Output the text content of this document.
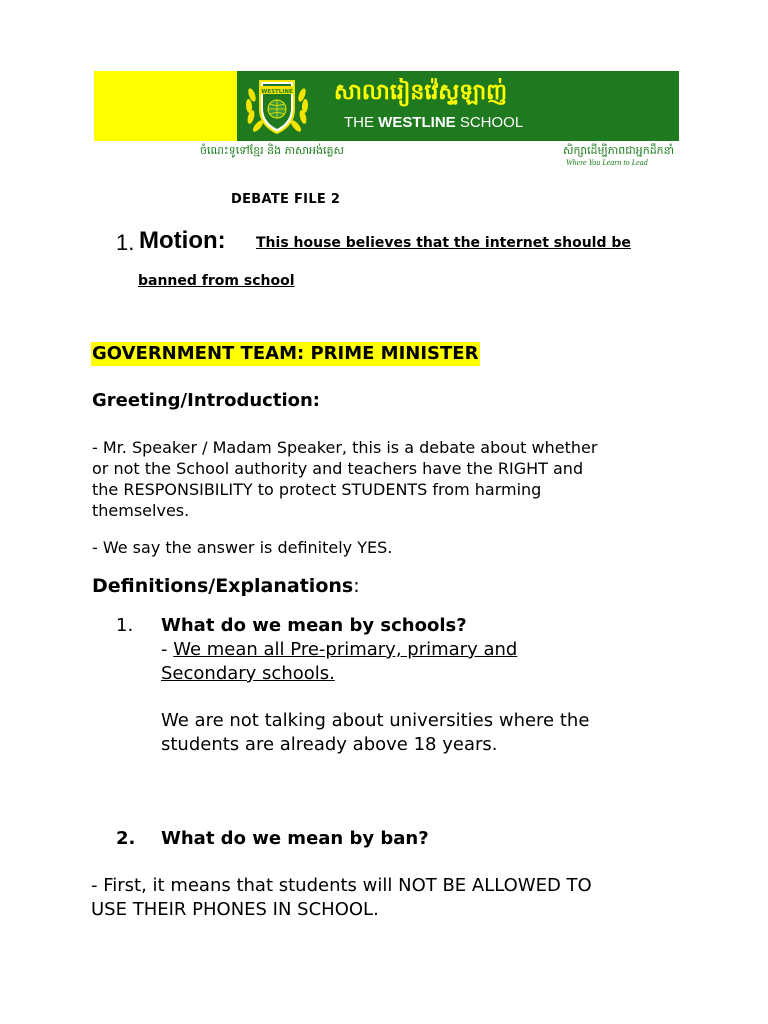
WESTLINE សាលារៀនវ៉េស្ទឡាញ់
THE WESTLINE SCHOOL
ចំណេះទូទៅខ្មែរ និង ភាសាអង់គ្លេស	សិក្សាដើម្បីភាពជាអ្នកដឹកនាំ
Where You Learn to Lead
DEBATE FILE 2
1. Motion: This house believes that the internet should be
banned from school
GOVERNMENT TEAM: PRIME MINISTER
Greeting/Introduction:
- Mr. Speaker / Madam Speaker, this is a debate about whether
or not the School authority and teachers have the RIGHT and
the RESPONSIBILITY to protect STUDENTS from harming
themselves.
- We say the answer is definitely YES.
Definitions/Explanations:
1. What do we mean by schools?
- We mean all Pre-primary, primary and
Secondary schools.
We are not talking about universities where the
students are already above 18 years.
2. What do we mean by ban?
- First, it means that students will NOT BE ALLOWED TO
USE THEIR PHONES IN SCHOOL.
